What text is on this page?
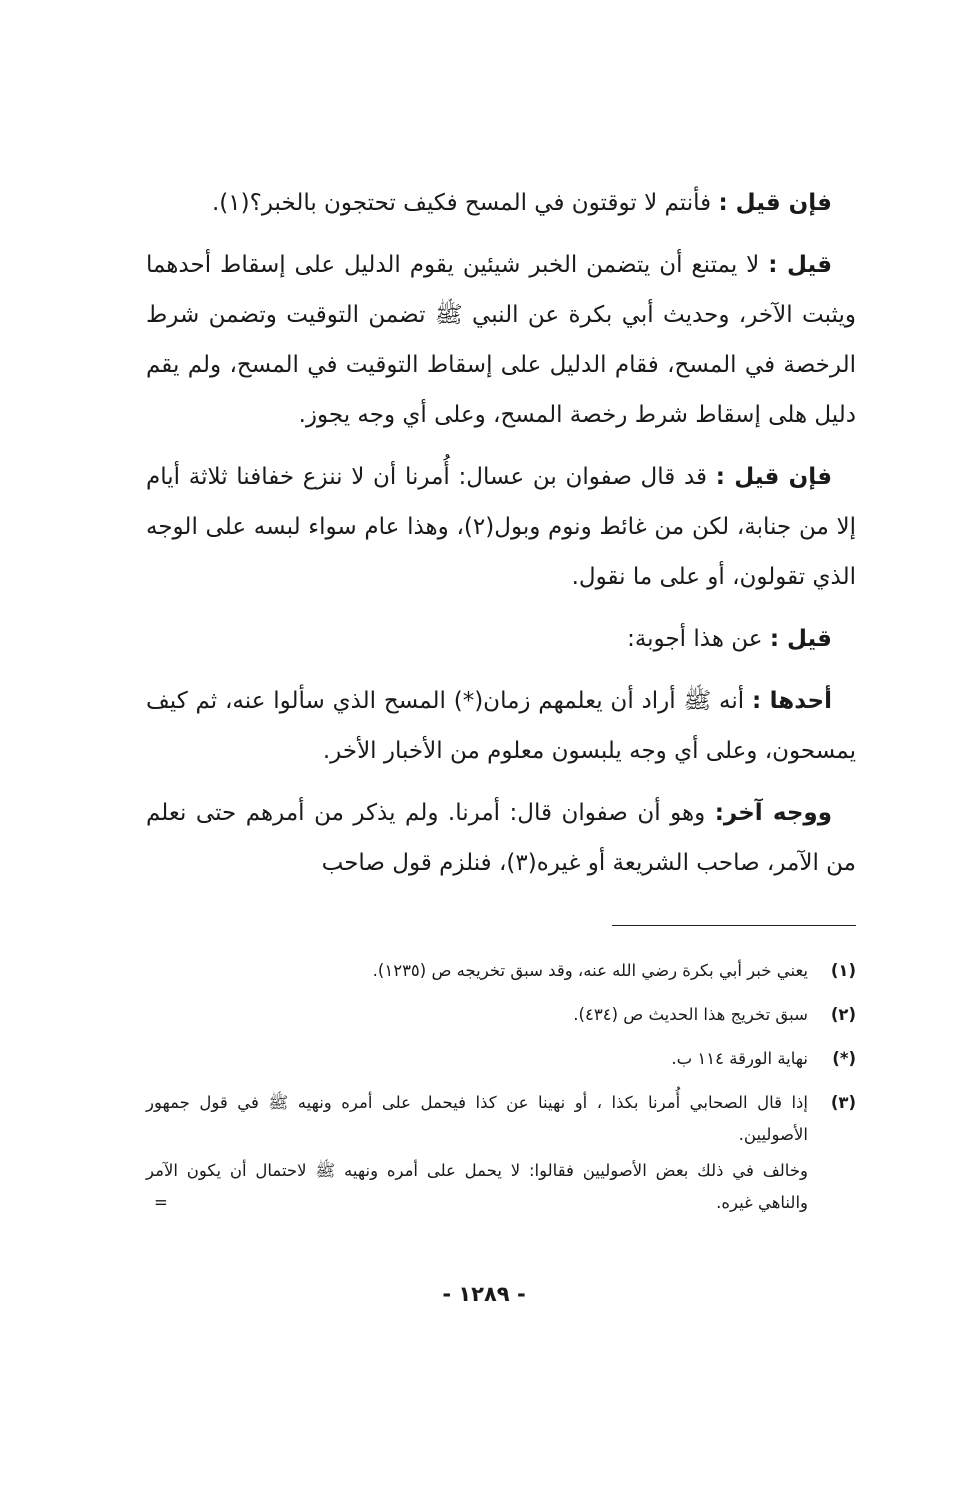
فإن قيل : فأنتم لا توقتون في المسح فكيف تحتجون بالخبر؟(١).

قيل : لا يمتنع أن يتضمن الخبر شيئين يقوم الدليل على إسقاط أحدهما ويثبت الآخر، وحديث أبي بكرة عن النبي ﷺ تضمن التوقيت وتضمن شرط الرخصة في المسح، فقام الدليل على إسقاط التوقيت في المسح، ولم يقم دليل هلى إسقاط شرط رخصة المسح، وعلى أي وجه يجوز.

فإن قيل : قد قال صفوان بن عسال: أُمرنا أن لا ننزع خفافنا ثلاثة أيام إلا من جنابة، لكن من غائط ونوم وبول(٢)، وهذا عام سواء لبسه على الوجه الذي تقولون، أو على ما نقول.

قيل : عن هذا أجوبة:

أحدها : أنه ﷺ أراد أن يعلمهم زمان(*) المسح الذي سألوا عنه، ثم كيف يمسحون، وعلى أي وجه يلبسون معلوم من الأخبار الأخر.

ووجه آخر: وهو أن صفوان قال: أمرنا. ولم يذكر من أمرهم حتى نعلم من الآمر، صاحب الشريعة أو غيره(٣)، فنلزم قول صاحب

(١)
يعني خبر أبي بكرة رضي الله عنه، وقد سبق تخريجه ص (١٢٣٥).
(٢)
سبق تخريج هذا الحديث ص (٤٣٤).
(*)
نهاية الورقة ١١٤ ب.
(٣)
إذا قال الصحابي أُمرنا بكذا ، أو نهينا عن كذا فيحمل على أمره ونهيه ﷺ في قول جمهور الأصوليين.

وخالف في ذلك بعض الأصوليين فقالوا: لا يحمل على أمره ونهيه ﷺ لاحتمال أن يكون الآمر والناهي غيره.
=

- ١٢٨٩ -
